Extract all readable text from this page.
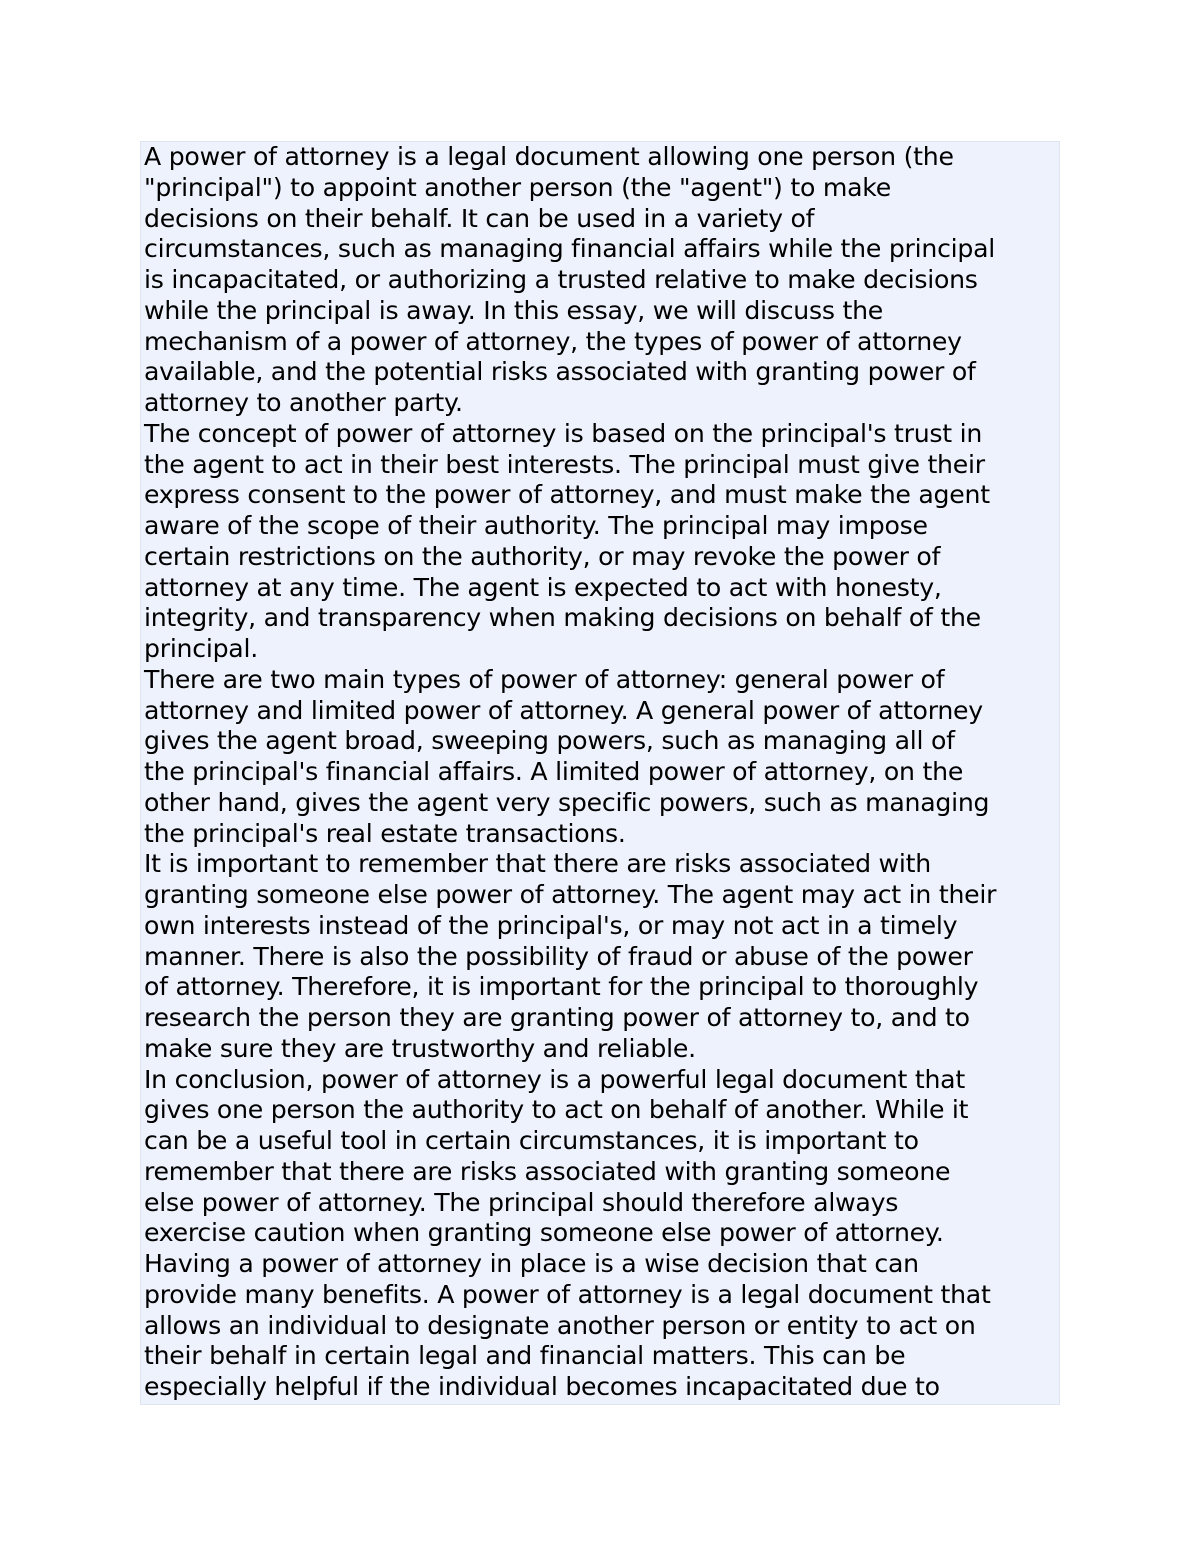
A power of attorney is a legal document allowing one person (the
"principal") to appoint another person (the "agent") to make
decisions on their behalf. It can be used in a variety of
circumstances, such as managing financial affairs while the principal
is incapacitated, or authorizing a trusted relative to make decisions
while the principal is away. In this essay, we will discuss the
mechanism of a power of attorney, the types of power of attorney
available, and the potential risks associated with granting power of
attorney to another party.
The concept of power of attorney is based on the principal's trust in
the agent to act in their best interests. The principal must give their
express consent to the power of attorney, and must make the agent
aware of the scope of their authority. The principal may impose
certain restrictions on the authority, or may revoke the power of
attorney at any time. The agent is expected to act with honesty,
integrity, and transparency when making decisions on behalf of the
principal.
There are two main types of power of attorney: general power of
attorney and limited power of attorney. A general power of attorney
gives the agent broad, sweeping powers, such as managing all of
the principal's financial affairs. A limited power of attorney, on the
other hand, gives the agent very specific powers, such as managing
the principal's real estate transactions.
It is important to remember that there are risks associated with
granting someone else power of attorney. The agent may act in their
own interests instead of the principal's, or may not act in a timely
manner. There is also the possibility of fraud or abuse of the power
of attorney. Therefore, it is important for the principal to thoroughly
research the person they are granting power of attorney to, and to
make sure they are trustworthy and reliable.
In conclusion, power of attorney is a powerful legal document that
gives one person the authority to act on behalf of another. While it
can be a useful tool in certain circumstances, it is important to
remember that there are risks associated with granting someone
else power of attorney. The principal should therefore always
exercise caution when granting someone else power of attorney.
Having a power of attorney in place is a wise decision that can
provide many benefits. A power of attorney is a legal document that
allows an individual to designate another person or entity to act on
their behalf in certain legal and financial matters. This can be
especially helpful if the individual becomes incapacitated due to
